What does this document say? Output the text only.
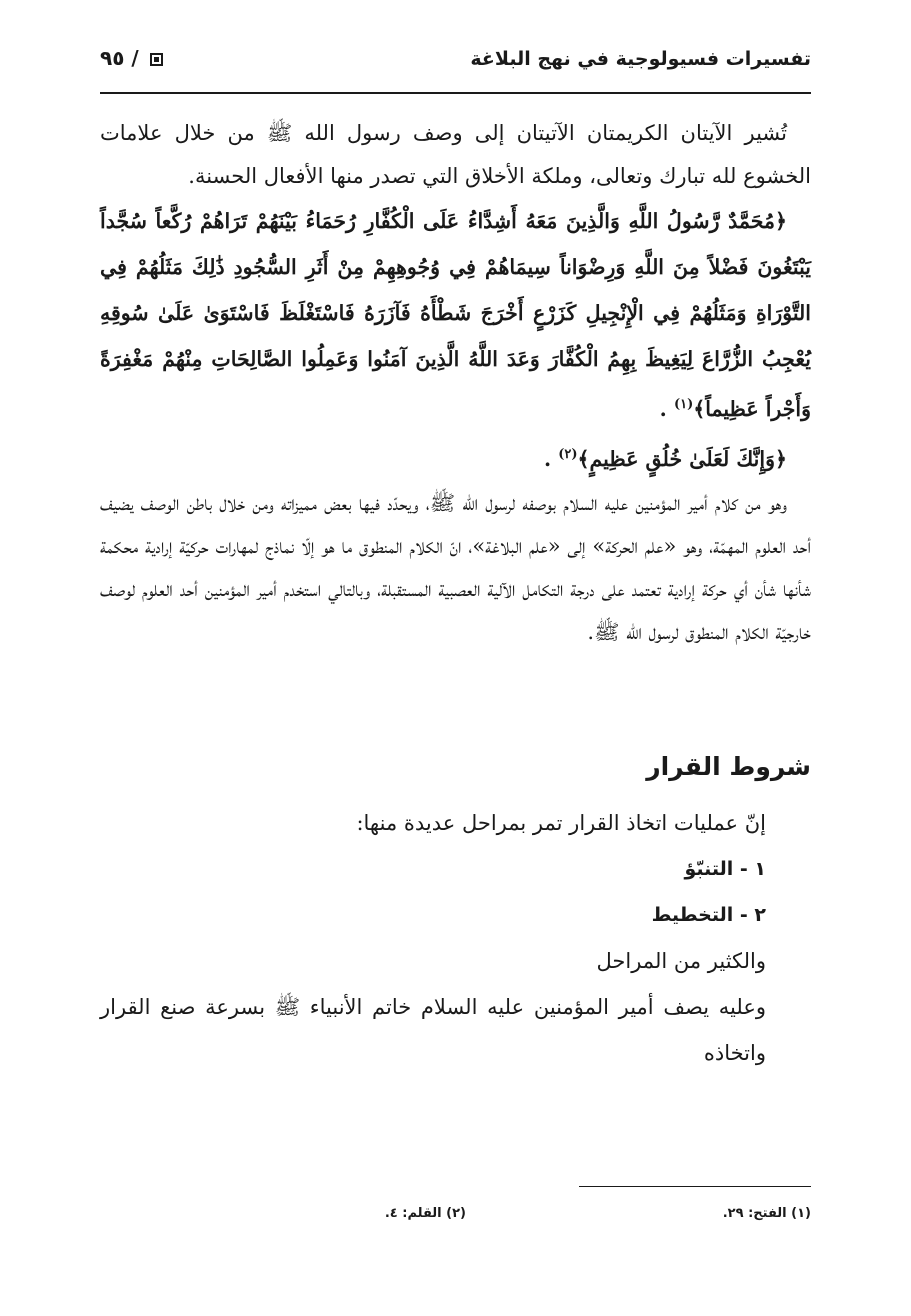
تفسيرات فسيولوجية في نهج البلاغة
/ ٩٥

تُشير الآيتان الكريمتان الآتيتان إلى وصف رسول الله ﷺ من خلال علامات الخشوع لله تبارك وتعالى، وملكة الأخلاق التي تصدر منها الأفعال الحسنة.

﴿مُحَمَّدٌ رَّسُولُ اللَّهِ وَالَّذِينَ مَعَهُ أَشِدَّاءُ عَلَى الْكُفَّارِ رُحَمَاءُ بَيْنَهُمْ تَرَاهُمْ رُكَّعاً سُجَّداً يَبْتَغُونَ فَضْلاً مِنَ اللَّهِ وَرِضْوَاناً سِيمَاهُمْ فِي وُجُوهِهِمْ مِنْ أَثَرِ السُّجُودِ ذَٰلِكَ مَثَلُهُمْ فِي التَّوْرَاةِ وَمَثَلُهُمْ فِي الْإِنْجِيلِ كَزَرْعٍ أَخْرَجَ شَطْأَهُ فَآزَرَهُ فَاسْتَغْلَظَ فَاسْتَوَىٰ عَلَىٰ سُوقِهِ يُعْجِبُ الزُّرَّاعَ لِيَغِيظَ بِهِمُ الْكُفَّارَ وَعَدَ اللَّهُ الَّذِينَ آمَنُوا وَعَمِلُوا الصَّالِحَاتِ مِنْهُمْ مَغْفِرَةً وَأَجْراً عَظِيماً﴾$^{(١)}$ .

﴿وَإِنَّكَ لَعَلَىٰ خُلُقٍ عَظِيمٍ﴾$^{(٢)}$ .

وهو من كلام أمير المؤمنين عليه السلام بوصفه لرسول الله ﷺ، ويحدّد فيها بعض مميزاته ومن خلال باطن الوصف يضيف أحد العلوم المهمّة، وهو «علم الحركة» إلى «علم البلاغة»، انّ الكلام المنطوق ما هو إلّا نماذج لمهارات حركيّة إرادية محكمة شأنها شأن أي حركة إرادية تعتمد على درجة التكامل الآلية العصبية المستقبلة، وبالتالي استخدم أمير المؤمنين أحد العلوم لوصف خارجيّة الكلام المنطوق لرسول الله ﷺ.

شروط القرار

إنّ عمليات اتخاذ القرار تمر بمراحل عديدة منها:

١ - التنبّؤ

٢ - التخطيط

والكثير من المراحل

وعليه يصف أمير المؤمنين عليه السلام خاتم الأنبياء ﷺ بسرعة صنع القرار واتخاذه

(١) الفتح: ٢٩.
(٢) القلم: ٤.
